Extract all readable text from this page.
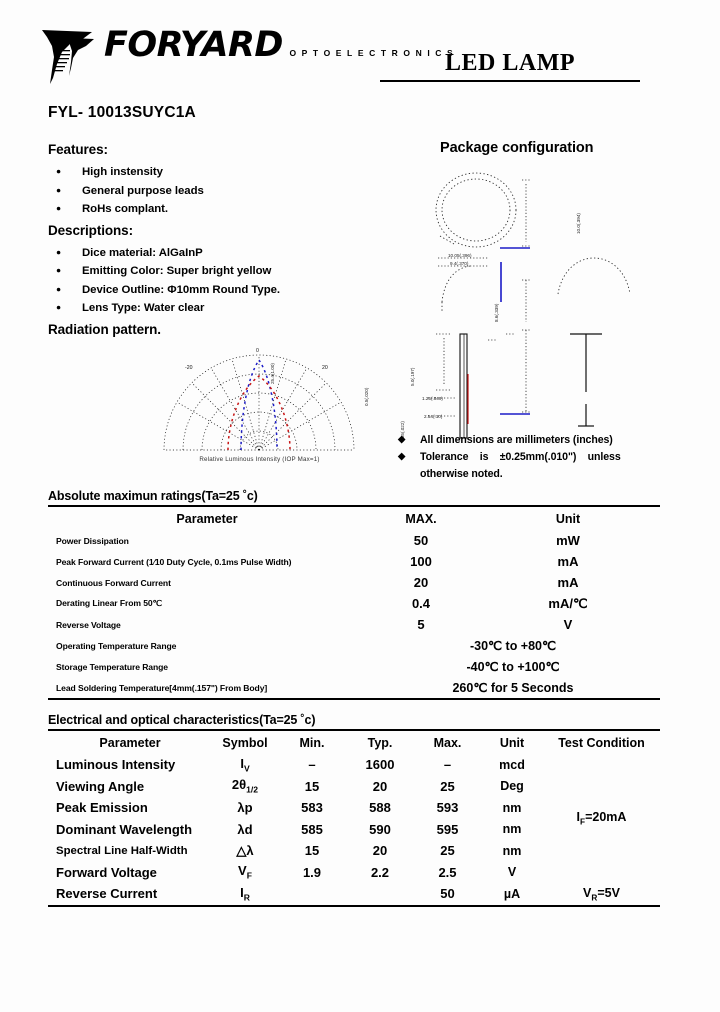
FORYARD OPTOELECTRONICS
LED LAMP
FYL- 10013SUYC1A
Features:
● High instensity
● General purpose leads
● RoHs complant.
Descriptions:
● Dice material: AlGaInP
● Emitting Color: Super bright yellow
● Device Outline: Φ10mm Round Type.
● Lens Type: Water clear
Radiation pattern.
-20
0
20
Relative Luminous Intensity (IOP Max=1)
Package configuration
10.0(.394)
10.05(.396)
9.4(.370)
8.6(.339)
1.25(.049)
2.54(.10)
25.4(1.00)	5.0(.197)
0.5(.020)
0.55(.022)	◆ All dimensions are millimeters (inches)
◆ Tolerance    is    ±0.25mm(.010")    unless
otherwise noted.
Absolute maximun ratings(Ta=25 ˚c)
Parameter	MAX.	Unit
Power Dissipation	50	mW
Peak Forward Current (1⁄10 Duty Cycle, 0.1ms Pulse Width)	100	mA
Continuous Forward Current	20	mA
Derating Linear From 50℃	0.4	mA/℃
Reverse Voltage	5	V
Operating Temperature Range	-30℃ to +80℃	
Storage Temperature Range	-40℃ to +100℃	
Lead Soldering Temperature[4mm(.157") From Body]	260℃ for 5 Seconds	
Electrical and optical characteristics(Ta=25 ˚c)
Parameter	Symbol	Min.	Typ.	Max.	Unit	Test Condition
Luminous Intensity	$I_V$	–	1600	–	mcd	$I_F=20mA$
Viewing Angle	$2\theta_{1/2}$	15	20	25	Deg	
Peak Emission	λp	583	588	593	nm	
Dominant Wavelength	λd	585	590	595	nm	
Spectral Line Half-Width	△λ	15	20	25	nm	
Forward Voltage	$V_F$	1.9	2.2	2.5	V	
Reverse Current	$I_R$			50	µA	$V_R=5V$
